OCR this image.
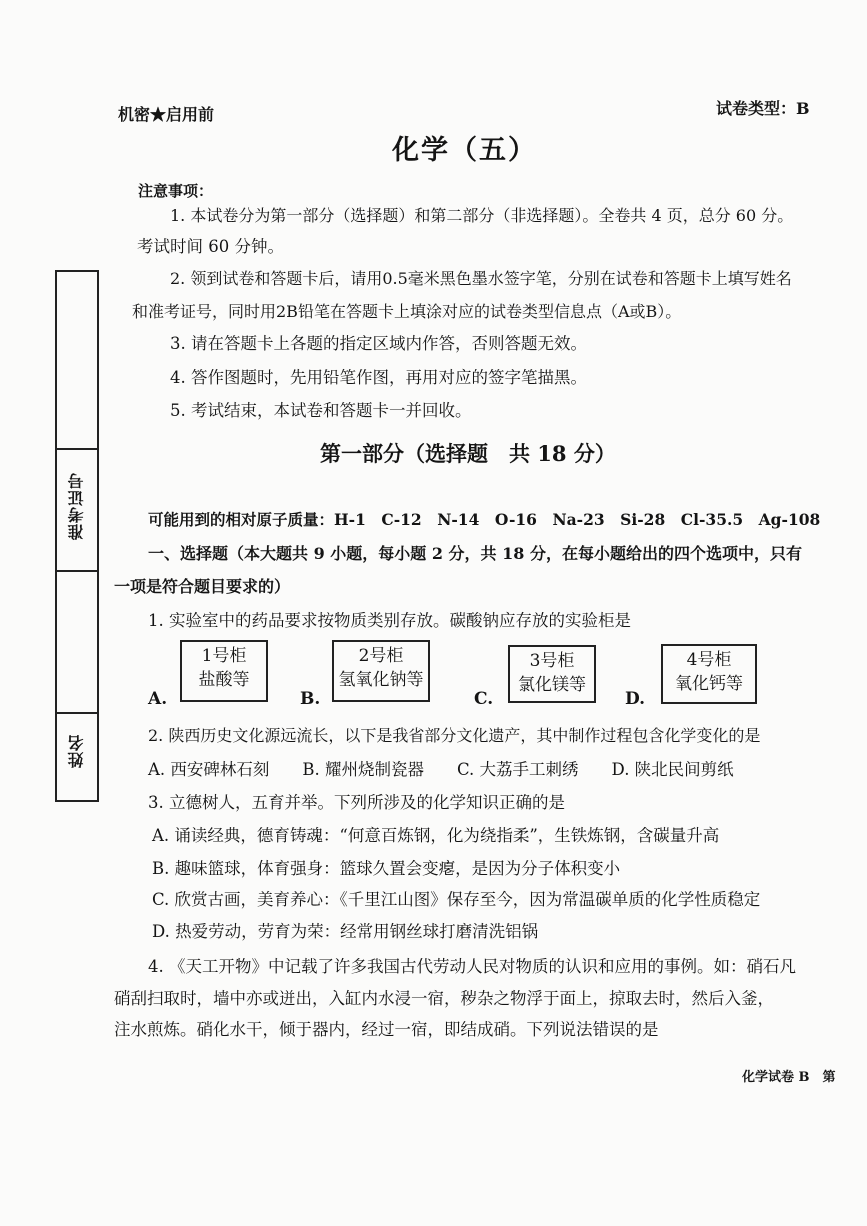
机密★启用前	试卷类型：B
化学（五）
注意事项：
1. 本试卷分为第一部分（选择题）和第二部分（非选择题）。全卷共 4 页，总分 60 分。
考试时间 60 分钟。
2. 领到试卷和答题卡后，请用0.5毫米黑色墨水签字笔，分别在试卷和答题卡上填写姓名
和准考证号，同时用2B铅笔在答题卡上填涂对应的试卷类型信息点（A或B）。
3. 请在答题卡上各题的指定区域内作答，否则答题无效。
4. 答作图题时，先用铅笔作图，再用对应的签字笔描黑。
5. 考试结束，本试卷和答题卡一并回收。
准考证号
姓名
第一部分（选择题　共 18 分）
可能用到的相对原子质量：H-1　C-12　N-14　O-16　Na-23　Si-28　Cl-35.5　Ag-108
一、选择题（本大题共 9 小题，每小题 2 分，共 18 分，在每小题给出的四个选项中，只有
一项是符合题目要求的）
1. 实验室中的药品要求按物质类别存放。碳酸钠应存放的实验柜是
A.
1号柜
盐酸等
B.
2号柜
氢氧化钠等
C.
3号柜
氯化镁等
D.
4号柜
氧化钙等
2. 陕西历史文化源远流长，以下是我省部分文化遗产，其中制作过程包含化学变化的是
A. 西安碑林石刻　　B. 耀州烧制瓷器　　C. 大荔手工刺绣　　D. 陕北民间剪纸
3. 立德树人，五育并举。下列所涉及的化学知识正确的是
A. 诵读经典，德育铸魂：“何意百炼钢，化为绕指柔”，生铁炼钢，含碳量升高
B. 趣味篮球，体育强身：篮球久置会变瘪，是因为分子体积变小
C. 欣赏古画，美育养心：《千里江山图》保存至今，因为常温碳单质的化学性质稳定
D. 热爱劳动，劳育为荣：经常用钢丝球打磨清洗铝锅
4. 《天工开物》中记载了许多我国古代劳动人民对物质的认识和应用的事例。如：硝石凡
硝刮扫取时，墙中亦或迸出，入缸内水浸一宿，秽杂之物浮于面上，掠取去时，然后入釜，
注水煎炼。硝化水干，倾于器内，经过一宿，即结成硝。下列说法错误的是
化学试卷 B　第
